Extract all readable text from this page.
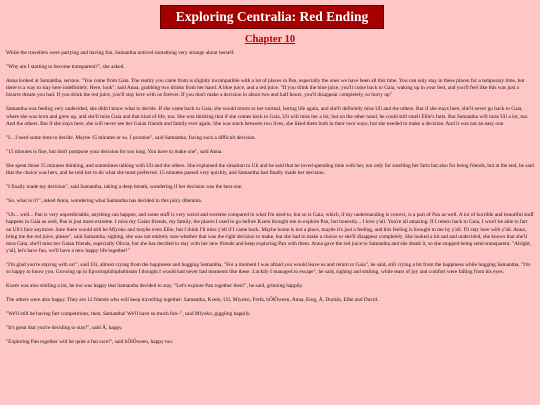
Exploring Centralia: Red Ending
Chapter 10

While the travellers were partying and having fun, Samantha noticed something very strange about herself.

"Why am I starting to become transparent?", she asked.

Anna looked at Samantha, serious. "You come from Gaia. The reality you came from is slightly incompatible with a lot of places in Pan, especially the ones we have been all this time. You can only stay in these places for a temporary time, but there is a way to stay here indefinitely. Here, look", said Anna, grabbing two drinks from her hand. A blue juice, and a red juice. "If you drink the blue juice, you'll come back to Gaia, waking up in your bed, and you'll feel like this was just a bizarre dream you had. If you drink the red juice, you'll stay here with us forever. If you don't make a decision in about two and half hours, you'll disappear completely, so hurry up"

Samantha was feeling very undecided, she didn't know what to decide. If she came back to Gaia, she would return to her normal, boring life again, and she'll definitely miss Uli and the others. But if she stays here, she'll never go back to Gaia, where she was born and grew up, and she'll miss Gaia and that kind of life, too. She was thinking that if she comes back to Gaia, Uli will miss her a lot, but on the other hand, he could still smell Ellie's farts. But Samantha will miss Uli a lot, too. And the others. But if she stays here, she will never see her Gaian friends and family ever again. She was stuck between two lives, she liked them both in their own ways, but she needed to make a decision. And it was not an easy one.

"I... I need some time to decide. Maybe 15 minutes or so. I promise", said Samantha, facing such a difficult decision.

"15 minutes is fine, but don't postpone your decision for too long. You have to make one", said Anna.

She spent those 15 minutes thinking, and sometimes talking with Uli and the others. She explained the situation to Uli and he said that he loved spending time with her, not only for smelling her farts but also for being friends, but at the end, he said that the choice was hers, and he told her to do what she most preferred. 15 minutes passed very quickly, and Samantha had finally made her decision.

"I finally made my decision", said Samantha, taking a deep breath, wondering if her decision was the best one.

"So, what is it?", asked Anna, wondering what Samantha has decided in this juicy dilemma.

"Uh... well... Pan is very unpredictable, anything can happen, and some stuff is very weird and extreme compared to what I'm used to, but so is Gaia, which, if my understanding is correct, is a part of Pan as well. A lot of horrible and beautiful stuff happens in Gaia as well, Pan is just more extreme. I miss my Gaian friends, my family, the places I used to go before Kxem brought me to explore Pan, but honestly... I love y'all. You're all amazing. If I return back to Gaia, I won't be able to fart on Uli's face anymore. Sure there would still be Miyoko and maybe even Ellie, but I think I'll miss y'all if I came back. Maybe home is not a place, maybe it's just a feeling, and this feeling is brought to me by y'all. I'll stay here with y'all. Anna, bring me the red juice, please", said Samantha, sighing, she was not entirely sure whether that was the right decision to make, but she had to make a choice or she'll disappear completely. She looked a bit sad and undecided, she knows that she'll miss Gaia, she'll miss her Gaian friends, especially Olivia, but she has decided to stay with her new friends and keep exploring Pan with them. Anna gave the red juice to Samantha and she drank it, so she stopped being semi-transparent. "Alright, y'all, let's have fun, we'll have a new happy life together!"

"I'm glad you're staying with us!", said Uli, almost crying from the happiness and hugging Samantha, "For a moment I was afraid you would leave us and return to Gaia", he said, still crying a bit from the happiness while hugging Samantha, "I'm so happy to know you. Growing up in Eproctophilophobistan I thought I would had never had moments like these. Luckily I managed to escape", he said, sighing and smiling, while tears of joy and comfort were falling from his eyes.

Kxem was also smiling a lot, he too was happy that Samantha decided to stay. "Let's explore Pan together then!", he said, grinning happily.

The others were also happy. They are 12 friends who will keep travelling together: Samantha, Kxem, Uli, Miyoko, Frefa, hÖlÖween, Anna, Ereg, Å, Duckle, Ellie and David.

"We'll still be having fart competitions, then, Samantha! We'll have so much fun~", said Miyoko, giggling happily.

"It's great that you're deciding to stay!", said Å, happy.

"Exploring Pan together will be quite a fun race!", said hÖlÖween, happy too.
